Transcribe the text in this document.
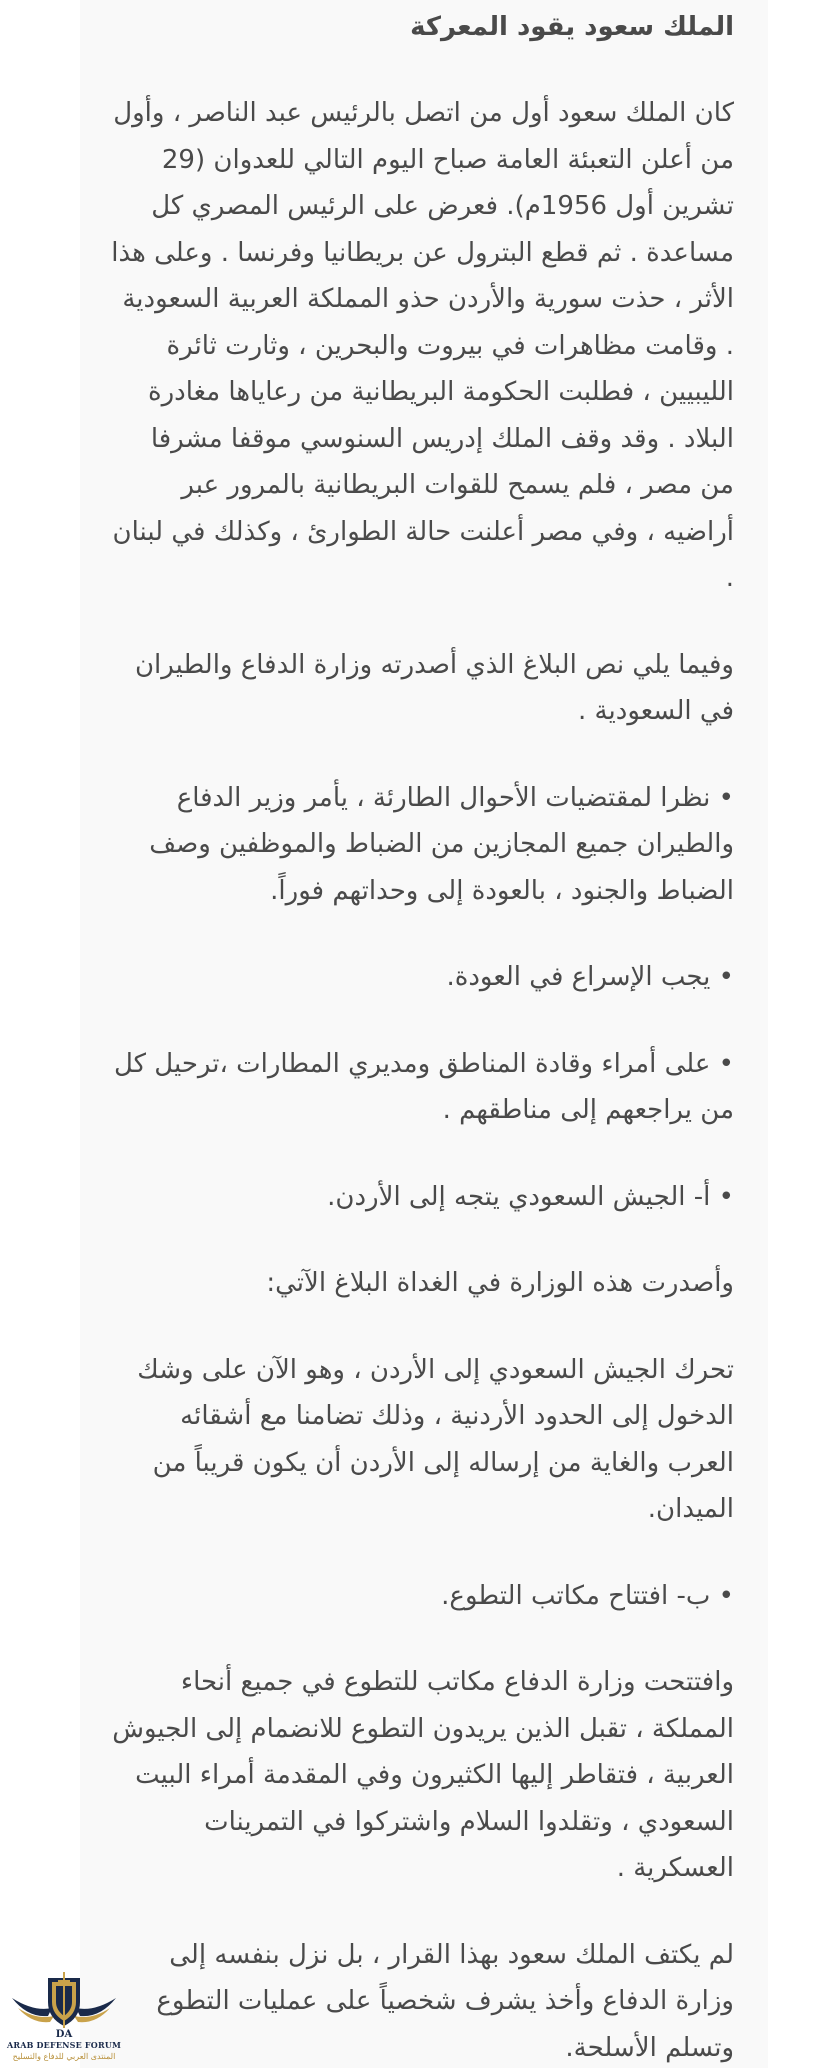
الملك سعود يقود المعركة

كان الملك سعود أول من اتصل بالرئيس عبد الناصر ، وأول من أعلن التعبئة العامة صباح اليوم التالي للعدوان (29 تشرين أول 1956م). فعرض على الرئيس المصري كل مساعدة . ثم قطع البترول عن بريطانيا وفرنسا . وعلى هذا الأثر ، حذت سورية والأردن حذو المملكة العربية السعودية . وقامت مظاهرات في بيروت والبحرين ، وثارت ثائرة الليبيين ، فطلبت الحكومة البريطانية من رعاياها مغادرة البلاد . وقد وقف الملك إدريس السنوسي موقفا مشرفا من مصر ، فلم يسمح للقوات البريطانية بالمرور عبر أراضيه ، وفي مصر أعلنت حالة الطوارئ ، وكذلك في لبنان .

وفيما يلي نص البلاغ الذي أصدرته وزارة الدفاع والطيران في السعودية .

• نظرا لمقتضيات الأحوال الطارئة ، يأمر وزير الدفاع والطيران جميع المجازين من الضباط والموظفين وصف الضباط والجنود ، بالعودة إلى وحداتهم فوراً.

• يجب الإسراع في العودة.

• على أمراء وقادة المناطق ومديري المطارات ،ترحيل كل من يراجعهم إلى مناطقهم .

• أ- الجيش السعودي يتجه إلى الأردن.

وأصدرت هذه الوزارة في الغداة البلاغ الآتي:

تحرك الجيش السعودي إلى الأردن ، وهو الآن على وشك الدخول إلى الحدود الأردنية ، وذلك تضامنا مع أشقائه العرب والغاية من إرساله إلى الأردن أن يكون قريباً من الميدان.

• ب- افتتاح مكاتب التطوع.

وافتتحت وزارة الدفاع مكاتب للتطوع في جميع أنحاء المملكة ، تقبل الذين يريدون التطوع للانضمام إلى الجيوش العربية ، فتقاطر إليها الكثيرون وفي المقدمة أمراء البيت السعودي ، وتقلدوا السلام واشتركوا في التمرينات العسكرية .

لم يكتف الملك سعود بهذا القرار ، بل نزل بنفسه إلى وزارة الدفاع وأخذ يشرف شخصياً على عمليات التطوع وتسلم الأسلحة.

DA
ARAB DEFENSE FORUM
المنتدى العربي للدفاع والتسليح
